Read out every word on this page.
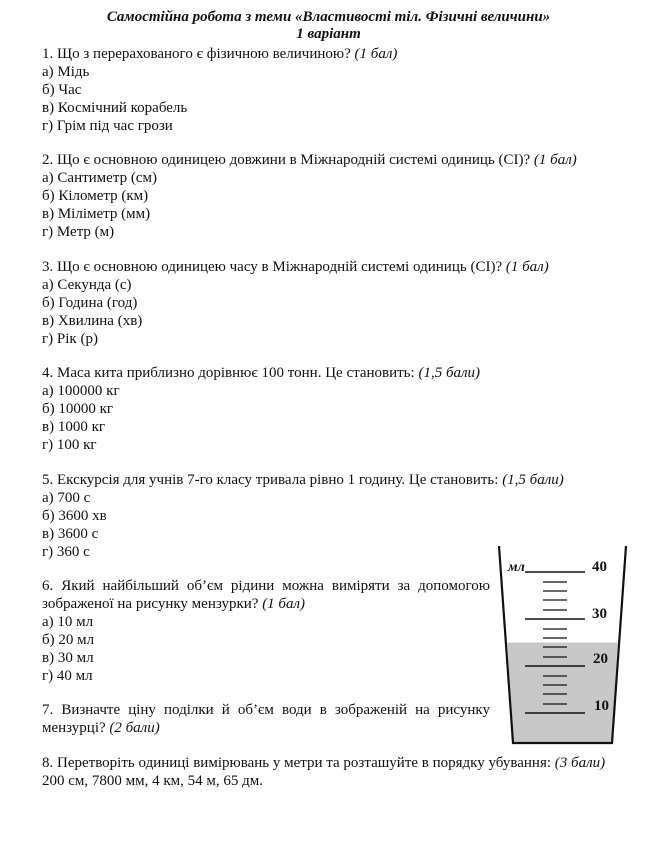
Самостійна робота з теми «Властивості тіл. Фізичні величини»
1 варіант
1. Що з перерахованого є фізичною величиною? (1 бал)
а) Мідь
б) Час
в) Космічний корабель
г) Грім під час грози
2. Що є основною одиницею довжини в Міжнародній системі одиниць (СІ)? (1 бал)
а) Сантиметр (см)
б) Кілометр (км)
в) Міліметр (мм)
г) Метр (м)
3. Що є основною одиницею часу в Міжнародній системі одиниць (СІ)? (1 бал)
а) Секунда (с)
б) Година (год)
в) Хвилина (хв)
г) Рік (р)
4. Маса кита приблизно дорівнює 100 тонн. Це становить: (1,5 бали)
а) 100000 кг
б) 10000 кг
в) 1000 кг
г) 100 кг
5. Екскурсія для учнів 7-го класу тривала рівно 1 годину. Це становить: (1,5 бали)
а) 700 с
б) 3600 хв
в) 3600 с
г) 360 с
6. Який найбільший об’єм рідини можна виміряти за допомогою
зображеної на рисунку мензурки? (1 бал)
а) 10 мл
б) 20 мл
в) 30 мл
г) 40 мл
7. Визначте ціну поділки й об’єм води в зображеній на рисунку
мензурці? (2 бали)
8. Перетворіть одиниці вимірювань у метри та розташуйте в порядку убування: (3 бали)
200 см, 7800 мм, 4 км, 54 м, 65 дм.
мл	40
30
20
10
